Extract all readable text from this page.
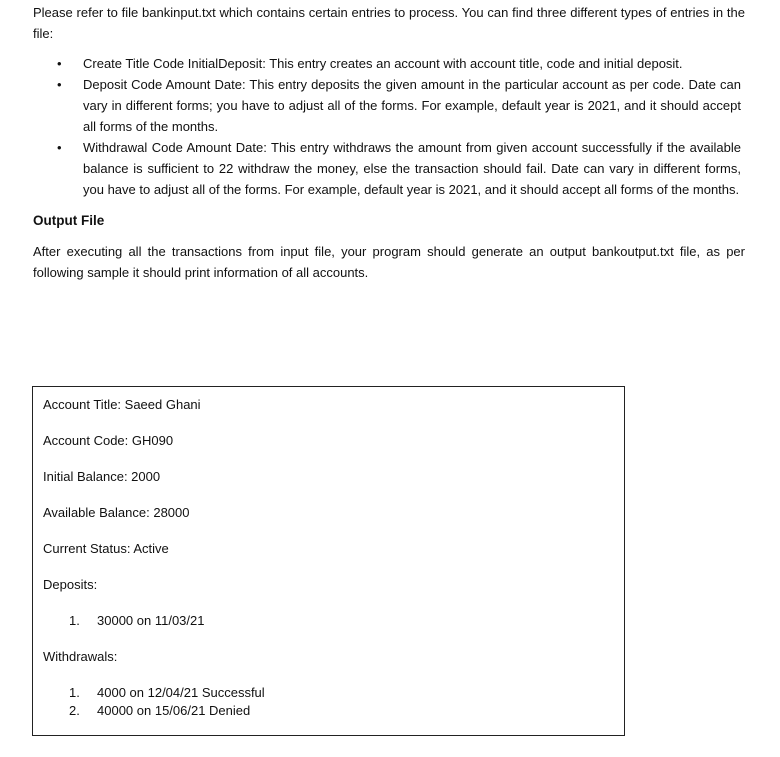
Please refer to file bankinput.txt which contains certain entries to process. You can find three different types of entries in the file:

• Create Title Code InitialDeposit: This entry creates an account with account title, code and initial deposit.
• Deposit Code Amount Date: This entry deposits the given amount in the particular account as per code. Date can vary in different forms; you have to adjust all of the forms. For example, default year is 2021, and it should accept all forms of the months.
• Withdrawal Code Amount Date: This entry withdraws the amount from given account successfully if the available balance is sufficient to 22 withdraw the money, else the transaction should fail. Date can vary in different forms, you have to adjust all of the forms. For example, default year is 2021, and it should accept all forms of the months.
Output File

After executing all the transactions from input file, your program should generate an output bankoutput.txt file, as per following sample it should print information of all accounts.

Account Title: Saeed Ghani
Account Code: GH090
Initial Balance: 2000
Available Balance: 28000
Current Status: Active
Deposits:
1. 30000 on 11/03/21
Withdrawals:
1. 4000 on 12/04/21 Successful
2. 40000 on 15/06/21 Denied
